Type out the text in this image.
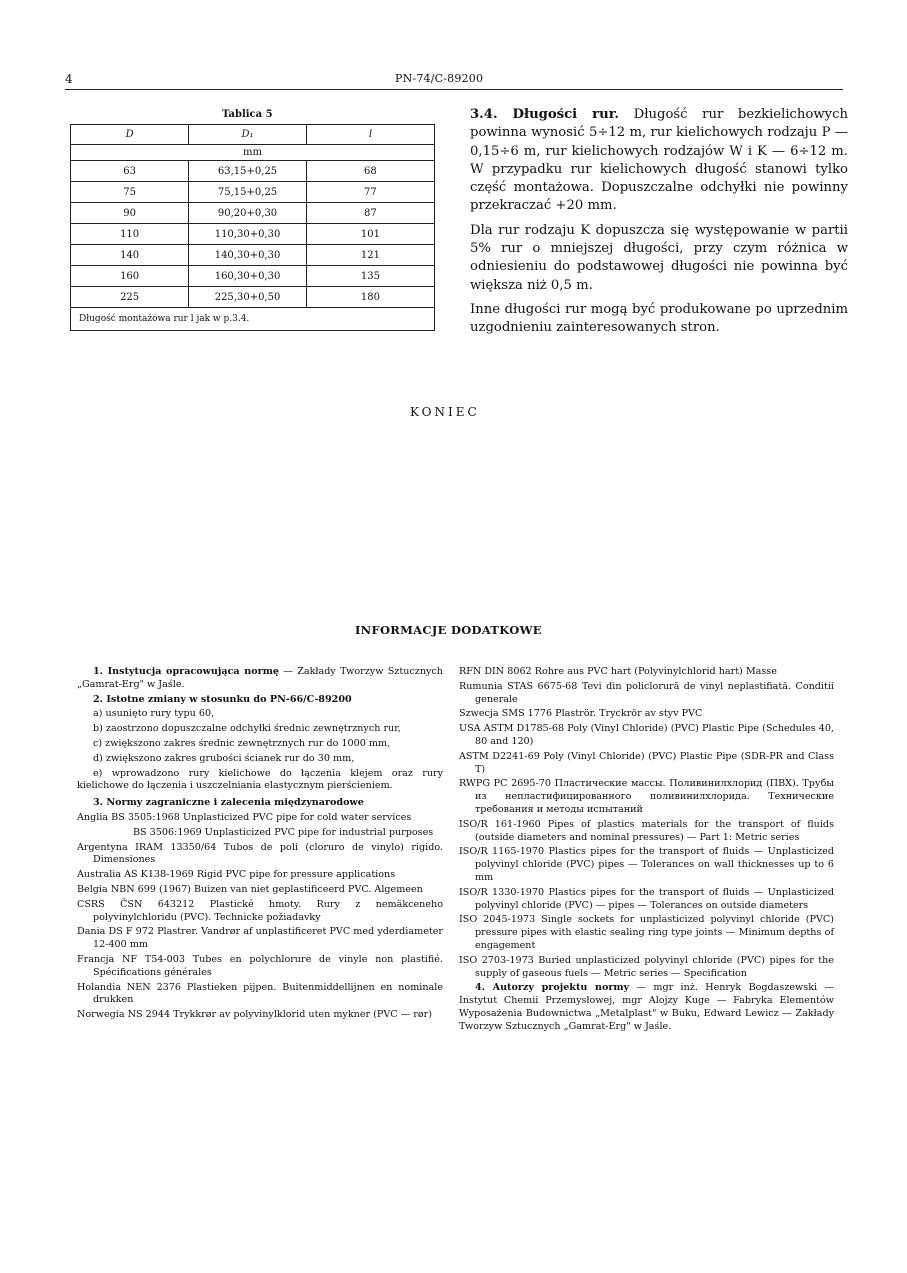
4	PN-74/C-89200
Tablica 5
D	D₁	l
mm		
63	63,15+0,25	68
75	75,15+0,25	77
90	90,20+0,30	87
110	110,30+0,30	101
140	140,30+0,30	121
160	160,30+0,30	135
225	225,30+0,50	180
Długość montażowa rur l jak w p.3.4.		

3.4. Długości rur. Długość rur bezkielichowych powinna wynosić 5÷12 m, rur kielichowych rodzaju P — 0,15÷6 m, rur kielichowych rodzajów W i K — 6÷12 m. W przypadku rur kielichowych długość stanowi tylko część montażowa. Dopuszczalne odchyłki nie powinny przekraczać +20 mm.

Dla rur rodzaju K dopuszcza się występowanie w partii 5% rur o mniejszej długości, przy czym różnica w odniesieniu do podstawowej długości nie powinna być większa niż 0,5 m.

Inne długości rur mogą być produkowane po uprzednim uzgodnieniu zainteresowanych stron.

KONIEC
INFORMACJE DODATKOWE

1. Instytucja opracowująca normę — Zakłady Tworzyw Sztucznych „Gamrat-Erg" w Jaśle.

2. Istotne zmiany w stosunku do PN-66/C-89200

a) usunięto rury typu 60,

b) zaostrzono dopuszczalne odchyłki średnic zewnętrznych rur,

c) zwiększono zakres średnic zewnętrznych rur do 1000 mm,

d) zwiększono zakres grubości ścianek rur do 30 mm,

e) wprowadzono rury kielichowe do łączenia klejem oraz rury kielichowe do łączenia i uszczelniania elastycznym pierścieniem.

3. Normy zagraniczne i zalecenia międzynarodowe

Anglia BS 3505:1968 Unplasticized PVC pipe for cold water services

BS 3506:1969 Unplasticized PVC pipe for industrial purposes

Argentyna IRAM 13350/64 Tubos de poli (cloruro de vinylo) rigido. Dimensiones

Australia AS K138-1969 Rigid PVC pipe for pressure applications

Belgia NBN 699 (1967) Buizen van niet geplastificeerd PVC. Algemeen

CSRS ČSN 643212 Plastické hmoty. Rury z nemäkceneho polyvinylchloridu (PVC). Technicke požiadavky

Dania DS F 972 Plastrer. Vandrør af unplastificeret PVC med yderdiameter 12-400 mm

Francja NF T54-003 Tubes en polychlorure de vinyle non plastifié. Spécifications générales

Holandia NEN 2376 Plastieken pijpen. Buitenmiddellijnen en nominale drukken

Norwegia NS 2944 Trykkrør av polyvinylklorid uten mykner (PVC — rør)

RFN DIN 8062 Rohre aus PVC hart (Polyvinylchlorid hart) Masse

Rumunia STAS 6675-68 Tevi din policlorură de vinyl neplastifiată. Conditii generale

Szwecja SMS 1776 Plaströr. Tryckrör av styv PVC

USA ASTM D1785-68 Poly (Vinyl Chloride) (PVC) Plastic Pipe (Schedules 40, 80 and 120)

ASTM D2241-69 Poly (Vinyl Chloride) (PVC) Plastic Pipe (SDR-PR and Class T)

RWPG PC 2695-70 Пластические массы. Поливинилхлорид (ПВХ). Трубы из непластифицированного поливинилхлорида. Технические требования и методы испытаний

ISO/R 161-1960 Pipes of plastics materials for the transport of fluids (outside diameters and nominal pressures) — Part 1: Metric series

ISO/R 1165-1970 Plastics pipes for the transport of fluids — Unplasticized polyvinyl chloride (PVC) pipes — Tolerances on wall thicknesses up to 6 mm

ISO/R 1330-1970 Plastics pipes for the transport of fluids — Unplasticized polyvinyl chloride (PVC) — pipes — Tolerances on outside diameters

ISO 2045-1973 Single sockets for unplasticized polyvinyl chloride (PVC) pressure pipes with elastic sealing ring type joints — Minimum depths of engagement

ISO 2703-1973 Buried unplasticized polyvinyl chloride (PVC) pipes for the supply of gaseous fuels — Metric series — Specification

4. Autorzy projektu normy — mgr inż. Henryk Bogdaszewski — Instytut Chemii Przemysłowej, mgr Alojzy Kuge — Fabryka Elementów Wyposażenia Budownictwa „Metalplast" w Buku, Edward Lewicz — Zakłady Tworzyw Sztucznych „Gamrat-Erg" w Jaśle.
